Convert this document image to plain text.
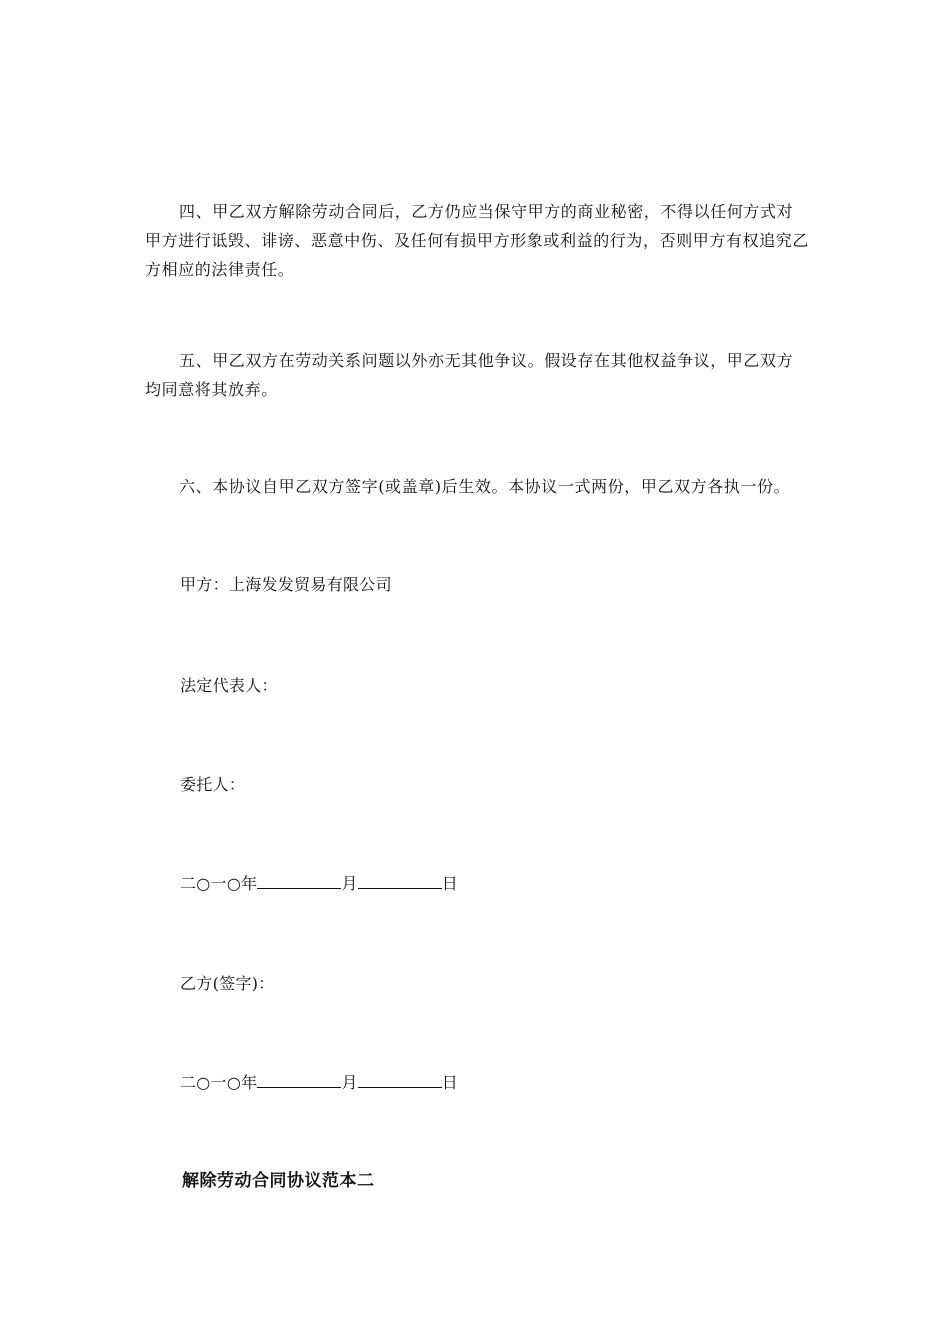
四、甲乙双方解除劳动合同后，乙方仍应当保守甲方的商业秘密，不得以任何方式对甲方进行诋毁、诽谤、恶意中伤、及任何有损甲方形象或利益的行为，否则甲方有权追究乙方相应的法律责任。

五、甲乙双方在劳动关系问题以外亦无其他争议。假设存在其他权益争议，甲乙双方均同意将其放弃。

六、本协议自甲乙双方签字(或盖章)后生效。本协议一式两份，甲乙双方各执一份。

甲方：上海发发贸易有限公司
法定代表人：
委托人：
二○一○年	月	日
乙方(签字)：
二○一○年	月	日
解除劳动合同协议范本二
